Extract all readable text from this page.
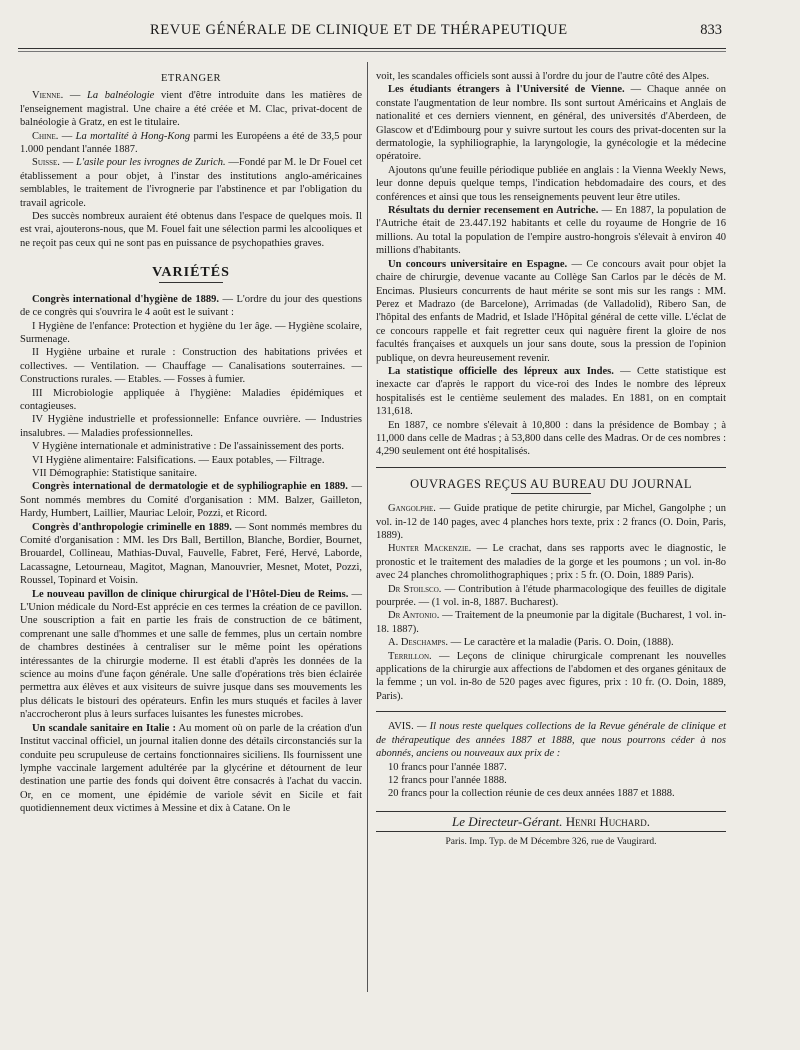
REVUE GÉNÉRALE DE CLINIQUE ET DE THÉRAPEUTIQUE	833

ETRANGER

Vienne. — La balnéologie vient d'être introduite dans les matières de l'enseignement magistral. Une chaire a été créée et M. Clac, privat-docent de balnéologie à Gratz, en est le titulaire.

Chine. — La mortalité à Hong-Kong parmi les Européens a été de 33,5 pour 1.000 pendant l'année 1887.

Suisse. — L'asile pour les ivrognes de Zurich. —Fondé par M. le Dr Fouel cet établissement a pour objet, à l'instar des institutions anglo-américaines semblables, le traitement de l'ivrognerie par l'abstinence et par l'obligation du travail agricole.

Des succès nombreux auraient été obtenus dans l'espace de quelques mois. Il est vrai, ajouterons-nous, que M. Fouel fait une sélection parmi les alcooliques et ne reçoit pas ceux qui ne sont pas en puissance de psychopathies graves.

VARIÉTÉS

Congrès international d'hygiène de 1889. — L'ordre du jour des questions de ce congrès qui s'ouvrira le 4 août est le suivant :

I Hygiène de l'enfance: Protection et hygiène du 1er âge. — Hygiène scolaire, Surmenage.

II Hygiène urbaine et rurale : Construction des habitations privées et collectives. — Ventilation. — Chauffage — Canalisations souterraines. — Constructions rurales. — Etables. — Fosses à fumier.

III Microbiologie appliquée à l'hygiène: Maladies épidémiques et contagieuses.

IV Hygiène industrielle et professionnelle: Enfance ouvrière. — Industries insalubres. — Maladies professionnelles.

V Hygiène internationale et administrative : De l'assainissement des ports.

VI Hygiène alimentaire: Falsifications. — Eaux potables, — Filtrage.

VII Démographie: Statistique sanitaire.

Congrès international de dermatologie et de syphiliographie en 1889. — Sont nommés membres du Comité d'organisation : MM. Balzer, Gailleton, Hardy, Humbert, Laillier, Mauriac Leloir, Pozzi, et Ricord.

Congrès d'anthropologie criminelle en 1889. — Sont nommés membres du Comité d'organisation : MM. les Drs Ball, Bertillon, Blanche, Bordier, Bournet, Brouardel, Collineau, Mathias-Duval, Fauvelle, Fabret, Feré, Hervé, Laborde, Lacassagne, Letourneau, Magitot, Magnan, Manouvrier, Mesnet, Motet, Pozzi, Roussel, Topinard et Voisin.

Le nouveau pavillon de clinique chirurgical de l'Hôtel-Dieu de Reims. — L'Union médicale du Nord-Est apprécie en ces termes la création de ce pavillon. Une souscription a fait en partie les frais de construction de ce bâtiment, comprenant une salle d'hommes et une salle de femmes, plus un certain nombre de chambres destinées à centraliser sur le même point les opérations intéressantes de la chirurgie moderne. Il est établi d'après les données de la science au moins d'une façon générale. Une salle d'opérations très bien éclairée permettra aux élèves et aux visiteurs de suivre jusque dans ses mouvements les plus délicats le bistouri des opérateurs. Enfin les murs stuqués et faciles à laver n'accrocheront plus à leurs surfaces luisantes les funestes microbes.

Un scandale sanitaire en Italie : Au moment où on parle de la création d'un Institut vaccinal officiel, un journal italien donne des détails circonstanciés sur la conduite peu scrupuleuse de certains fonctionnaires siciliens. Ils fournissent une lymphe vaccinale largement adultérée par la glycérine et détournent de leur destination une partie des fonds qui doivent être consacrés à l'achat du vaccin. Or, en ce moment, une épidémie de variole sévit en Sicile et fait quotidiennement deux victimes à Messine et dix à Catane. On le

voit, les scandales officiels sont aussi à l'ordre du jour de l'autre côté des Alpes.

Les étudiants étrangers à l'Université de Vienne. — Chaque année on constate l'augmentation de leur nombre. Ils sont surtout Américains et Anglais de nationalité et ces derniers viennent, en général, des universités d'Aberdeen, de Glascow et d'Edimbourg pour y suivre surtout les cours des privat-docenten sur la dermatologie, la syphiliographie, la laryngologie, la gynécologie et la médecine opératoire.

Ajoutons qu'une feuille périodique publiée en anglais : la Vienna Weekly News, leur donne depuis quelque temps, l'indication hebdomadaire des cours, et des conférences et ainsi que tous les renseignements peuvent leur être utiles.

Résultats du dernier recensement en Autriche. — En 1887, la population de l'Autriche était de 23.447.192 habitants et celle du royaume de Hongrie de 16 millions. Au total la population de l'empire austro-hongrois s'élevait à environ 40 millions d'habitants.

Un concours universitaire en Espagne. — Ce concours avait pour objet la chaire de chirurgie, devenue vacante au Collège San Carlos par le décès de M. Encimas. Plusieurs concurrents de haut mérite se sont mis sur les rangs : MM. Perez et Madrazo (de Barcelone), Arrimadas (de Valladolid), Ribero San, de l'hôpital des enfants de Madrid, et Islade l'Hôpital général de cette ville. L'éclat de ce concours rappelle et fait regretter ceux qui naguère firent la gloire de nos facultés françaises et auxquels un jour sans doute, sous la pression de l'opinion publique, on devra heureusement revenir.

La statistique officielle des lépreux aux Indes. — Cette statistique est inexacte car d'après le rapport du vice-roi des Indes le nombre des lépreux hospitalisés est le centième seulement des malades. En 1881, on en comptait 131,618.

En 1887, ce nombre s'élevait à 10,800 : dans la présidence de Bombay ; à 11,000 dans celle de Madras ; à 53,800 dans celle des Madras. Or de ces nombres : 4,290 seulement ont été hospitalisés.

OUVRAGES REÇUS AU BUREAU DU JOURNAL

Gangolphe. — Guide pratique de petite chirurgie, par Michel, Gangolphe ; un vol. in-12 de 140 pages, avec 4 planches hors texte, prix : 2 francs (O. Doin, Paris, 1889).

Hunter Mackenzie. — Le crachat, dans ses rapports avec le diagnostic, le pronostic et le traitement des maladies de la gorge et les poumons ; un vol. in-8o avec 24 planches chromolithographiques ; prix : 5 fr. (O. Doin, 1889 Paris).

Dr Stoilsco. — Contribution à l'étude pharmacologique des feuilles de digitale pourprée. — (1 vol. in-8, 1887. Bucharest).

Dr Antonio. — Traitement de la pneumonie par la digitale (Bucharest, 1 vol. in-18. 1887).

A. Deschamps. — Le caractère et la maladie (Paris. O. Doin, (1888).

Terrillon. — Leçons de clinique chirurgicale comprenant les nouvelles applications de la chirurgie aux affections de l'abdomen et des organes génitaux de la femme ; un vol. in-8o de 520 pages avec figures, prix : 10 fr. (O. Doin, 1889, Paris).

AVIS. — Il nous reste quelques collections de la Revue générale de clinique et de thérapeutique des années 1887 et 1888, que nous pourrons céder à nos abonnés, anciens ou nouveaux aux prix de :

10 francs pour l'année 1887.

12 francs pour l'année 1888.

20 francs pour la collection réunie de ces deux années 1887 et 1888.

Le Directeur-Gérant. Henri Huchard.
Paris. Imp. Typ. de M Décembre 326, rue de Vaugirard.
